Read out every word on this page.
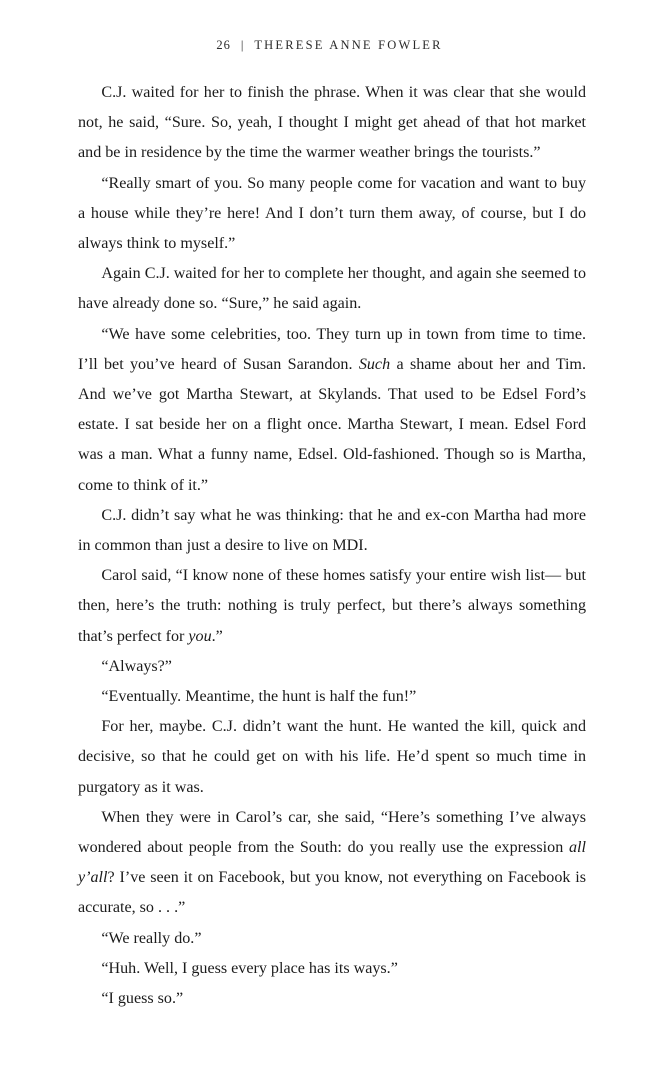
26 | THERESE ANNE FOWLER

C.J. waited for her to finish the phrase. When it was clear that she would not, he said, “Sure. So, yeah, I thought I might get ahead of that hot market and be in residence by the time the warmer weather brings the tourists.”

“Really smart of you. So many people come for vacation and want to buy a house while they’re here! And I don’t turn them away, of course, but I do always think to myself.”

Again C.J. waited for her to complete her thought, and again she seemed to have already done so. “Sure,” he said again.

“We have some celebrities, too. They turn up in town from time to time. I’ll bet you’ve heard of Susan Sarandon. Such a shame about her and Tim. And we’ve got Martha Stewart, at Skylands. That used to be Edsel Ford’s estate. I sat beside her on a flight once. Martha Stewart, I mean. Edsel Ford was a man. What a funny name, Edsel. Old-fashioned. Though so is Martha, come to think of it.”

C.J. didn’t say what he was thinking: that he and ex-con Martha had more in common than just a desire to live on MDI.

Carol said, “I know none of these homes satisfy your entire wish list— but then, here’s the truth: nothing is truly perfect, but there’s always something that’s perfect for you.”

“Always?”

“Eventually. Meantime, the hunt is half the fun!”

For her, maybe. C.J. didn’t want the hunt. He wanted the kill, quick and decisive, so that he could get on with his life. He’d spent so much time in purgatory as it was.

When they were in Carol’s car, she said, “Here’s something I’ve always wondered about people from the South: do you really use the expression all y’all? I’ve seen it on Facebook, but you know, not everything on Facebook is accurate, so . . .”

“We really do.”

“Huh. Well, I guess every place has its ways.”

“I guess so.”
